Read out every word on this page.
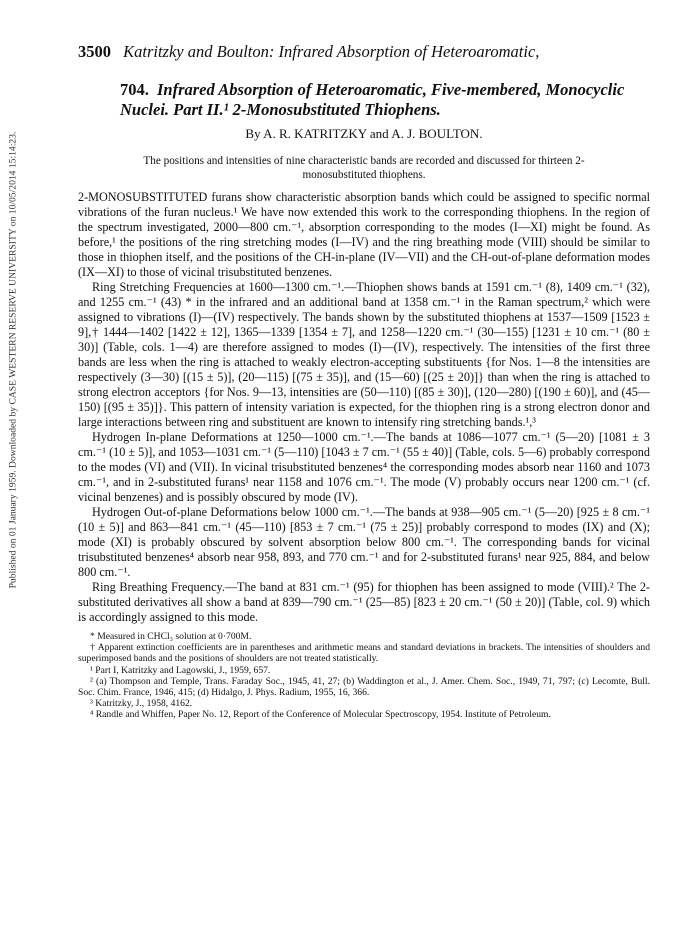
Published on 01 January 1959. Downloaded by CASE WESTERN RESERVE UNIVERSITY on 10/05/2014 15:14:23.
3500 Katritzky and Boulton: Infrared Absorption of Heteroaromatic,
704. Infrared Absorption of Heteroaromatic, Five-membered, Monocyclic Nuclei. Part II.¹ 2-Monosubstituted Thiophens.
By A. R. KATRITZKY and A. J. BOULTON.
The positions and intensities of nine characteristic bands are recorded and discussed for thirteen 2-monosubstituted thiophens.

2-MONOSUBSTITUTED furans show characteristic absorption bands which could be assigned to specific normal vibrations of the furan nucleus.¹ We have now extended this work to the corresponding thiophens. In the region of the spectrum investigated, 2000—800 cm.⁻¹, absorption corresponding to the modes (I—XI) might be found. As before,¹ the positions of the ring stretching modes (I—IV) and the ring breathing mode (VIII) should be similar to those in thiophen itself, and the positions of the CH-in-plane (IV—VII) and the CH-out-of-plane deformation modes (IX—XI) to those of vicinal trisubstituted benzenes.

Ring Stretching Frequencies at 1600—1300 cm.⁻¹.—Thiophen shows bands at 1591 cm.⁻¹ (8), 1409 cm.⁻¹ (32), and 1255 cm.⁻¹ (43) * in the infrared and an additional band at 1358 cm.⁻¹ in the Raman spectrum,² which were assigned to vibrations (I)—(IV) respectively. The bands shown by the substituted thiophens at 1537—1509 [1523 ± 9],† 1444—1402 [1422 ± 12], 1365—1339 [1354 ± 7], and 1258—1220 cm.⁻¹ (30—155) [1231 ± 10 cm.⁻¹ (80 ± 30)] (Table, cols. 1—4) are therefore assigned to modes (I)—(IV), respectively. The intensities of the first three bands are less when the ring is attached to weakly electron-accepting substituents {for Nos. 1—8 the intensities are respectively (3—30) [(15 ± 5)], (20—115) [(75 ± 35)], and (15—60) [(25 ± 20)]} than when the ring is attached to strong electron acceptors {for Nos. 9—13, intensities are (50—110) [(85 ± 30)], (120—280) [(190 ± 60)], and (45—150) [(95 ± 35)]}. This pattern of intensity variation is expected, for the thiophen ring is a strong electron donor and large interactions between ring and substituent are known to intensify ring stretching bands.¹,³

Hydrogen In-plane Deformations at 1250—1000 cm.⁻¹.—The bands at 1086—1077 cm.⁻¹ (5—20) [1081 ± 3 cm.⁻¹ (10 ± 5)], and 1053—1031 cm.⁻¹ (5—110) [1043 ± 7 cm.⁻¹ (55 ± 40)] (Table, cols. 5—6) probably correspond to the modes (VI) and (VII). In vicinal trisubstituted benzenes⁴ the corresponding modes absorb near 1160 and 1073 cm.⁻¹, and in 2-substituted furans¹ near 1158 and 1076 cm.⁻¹. The mode (V) probably occurs near 1200 cm.⁻¹ (cf. vicinal benzenes) and is possibly obscured by mode (IV).

Hydrogen Out-of-plane Deformations below 1000 cm.⁻¹.—The bands at 938—905 cm.⁻¹ (5—20) [925 ± 8 cm.⁻¹ (10 ± 5)] and 863—841 cm.⁻¹ (45—110) [853 ± 7 cm.⁻¹ (75 ± 25)] probably correspond to modes (IX) and (X); mode (XI) is probably obscured by solvent absorption below 800 cm.⁻¹. The corresponding bands for vicinal trisubstituted benzenes⁴ absorb near 958, 893, and 770 cm.⁻¹ and for 2-substituted furans¹ near 925, 884, and below 800 cm.⁻¹.

Ring Breathing Frequency.—The band at 831 cm.⁻¹ (95) for thiophen has been assigned to mode (VIII).² The 2-substituted derivatives all show a band at 839—790 cm.⁻¹ (25—85) [823 ± 20 cm.⁻¹ (50 ± 20)] (Table, col. 9) which is accordingly assigned to this mode.

* Measured in CHCl₃ solution at 0·700M.
† Apparent extinction coefficients are in parentheses and arithmetic means and standard deviations in brackets. The intensities of shoulders and superimposed bands and the positions of shoulders are not treated statistically.
¹ Part I, Katritzky and Lagowski, J., 1959, 657.
² (a) Thompson and Temple, Trans. Faraday Soc., 1945, 41, 27; (b) Waddington et al., J. Amer. Chem. Soc., 1949, 71, 797; (c) Lecomte, Bull. Soc. Chim. France, 1946, 415; (d) Hidalgo, J. Phys. Radium, 1955, 16, 366.
³ Katritzky, J., 1958, 4162.
⁴ Randle and Whiffen, Paper No. 12, Report of the Conference of Molecular Spectroscopy, 1954. Institute of Petroleum.
